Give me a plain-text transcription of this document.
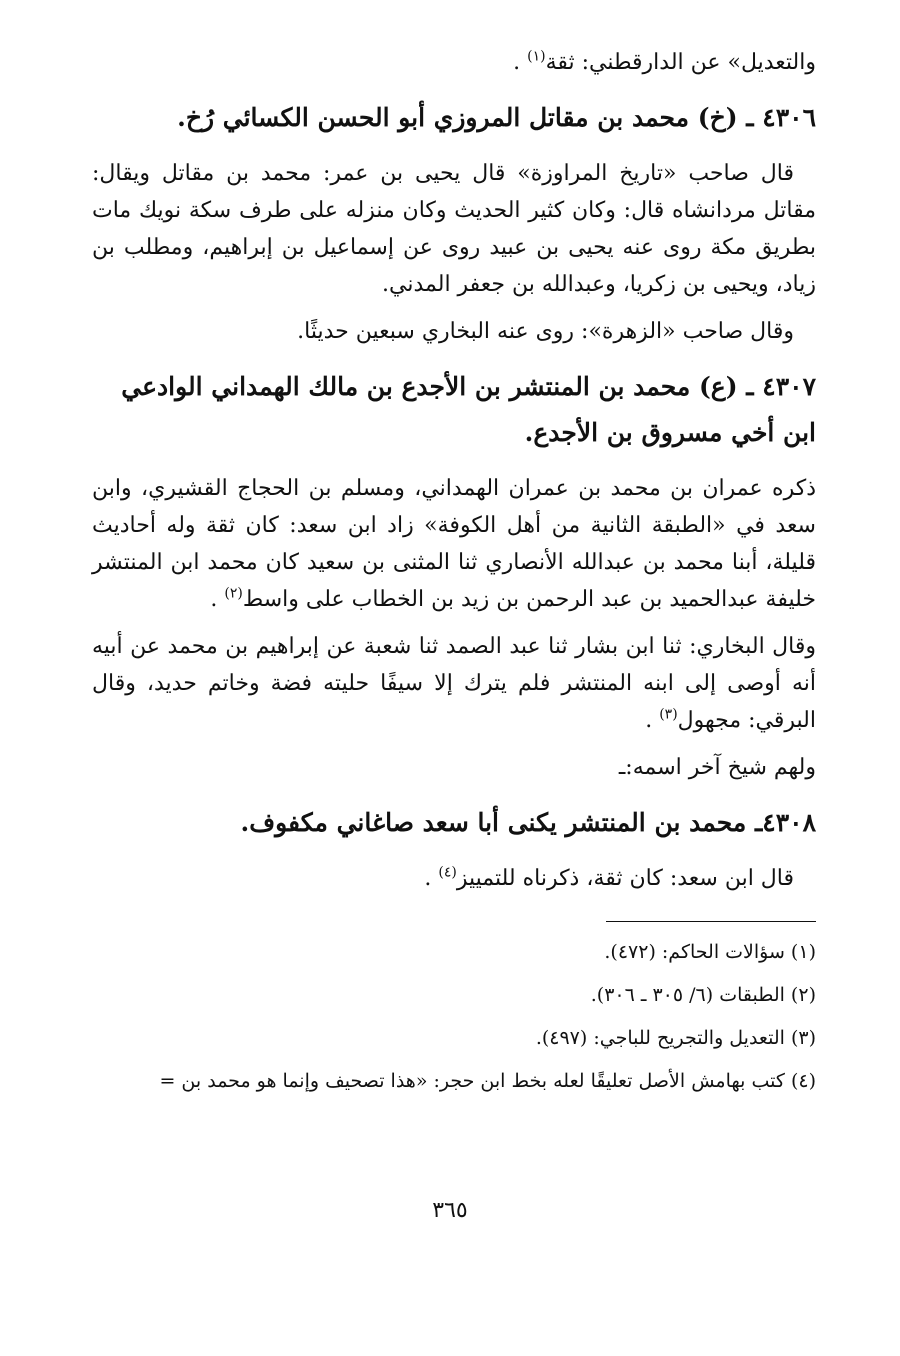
والتعديل» عن الدارقطني: ثقة$^{(١)}$ .

٤٣٠٦ ـ (خ) محمد بن مقاتل المروزي أبو الحسن الكسائي رُخ.

قال صاحب «تاريخ المراوزة» قال يحيى بن عمر: محمد بن مقاتل ويقال: مقاتل مردانشاه قال: وكان كثير الحديث وكان منزله على طرف سكة نويك مات بطريق مكة روى عنه يحيى بن عبيد روى عن إسماعيل بن إبراهيم، ومطلب بن زياد، ويحيى بن زكريا، وعبدالله بن جعفر المدني.

وقال صاحب «الزهرة»: روى عنه البخاري سبعين حديثًا.

٤٣٠٧ ـ (ع) محمد بن المنتشر بن الأجدع بن مالك الهمداني الوادعي ابن أخي مسروق بن الأجدع.

ذكره عمران بن محمد بن عمران الهمداني، ومسلم بن الحجاج القشيري، وابن سعد في «الطبقة الثانية من أهل الكوفة» زاد ابن سعد: كان ثقة وله أحاديث قليلة، أبنا محمد بن عبدالله الأنصاري ثنا المثنى بن سعيد كان محمد ابن المنتشر خليفة عبدالحميد بن عبد الرحمن بن زيد بن الخطاب على واسط$^{(٢)}$ .

وقال البخاري: ثنا ابن بشار ثنا عبد الصمد ثنا شعبة عن إبراهيم بن محمد عن أبيه أنه أوصى إلى ابنه المنتشر فلم يترك إلا سيفًا حليته فضة وخاتم حديد، وقال البرقي: مجهول$^{(٣)}$ .

ولهم شيخ آخر اسمه:ـ

٤٣٠٨ـ محمد بن المنتشر يكنى أبا سعد صاغاني مكفوف.

قال ابن سعد: كان ثقة، ذكرناه للتمييز$^{(٤)}$ .

(١) سؤالات الحاكم: (٤٧٢).
(٢) الطبقات (٦/ ٣٠٥ ـ ٣٠٦).
(٣) التعديل والتجريح للباجي: (٤٩٧).
(٤) كتب بهامش الأصل تعليقًا لعله بخط ابن حجر: «هذا تصحيف وإنما هو محمد بن =
٣٦٥
